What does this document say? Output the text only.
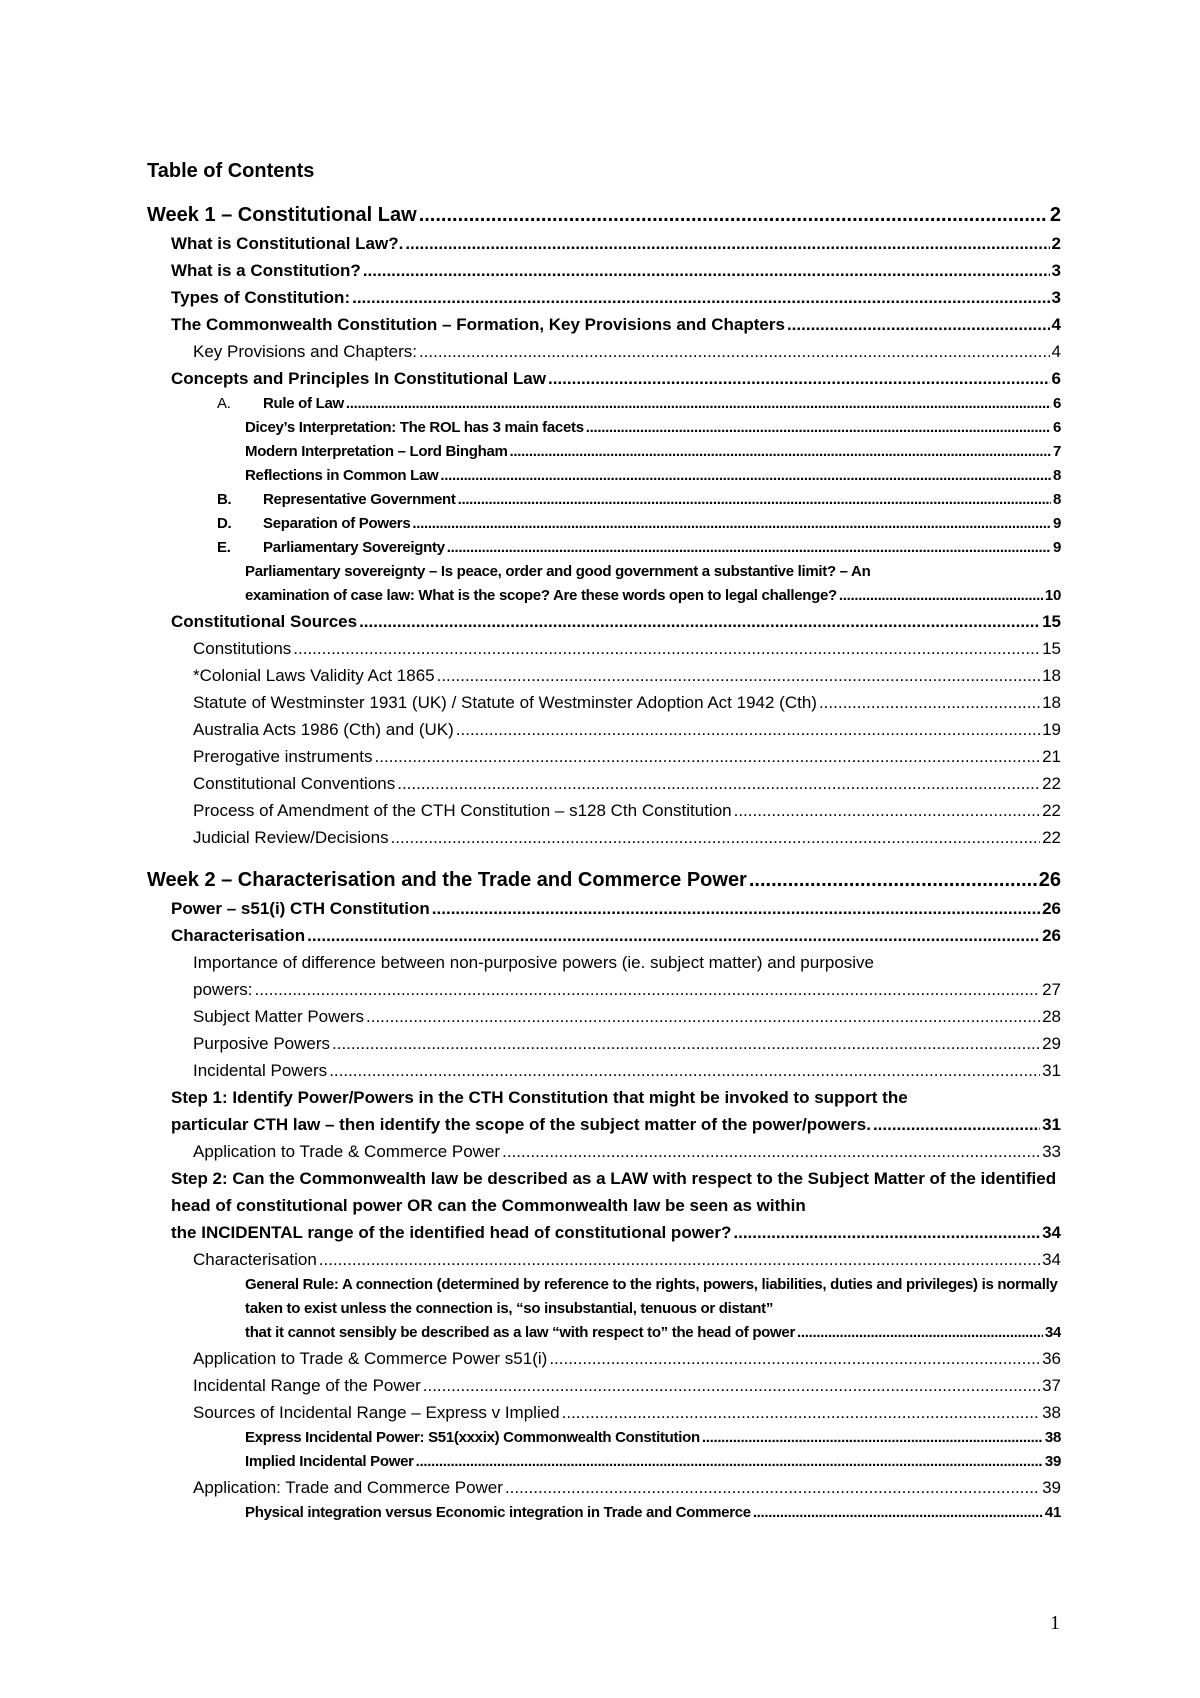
Table of Contents
Week 1 – Constitutional Law .....	2
What is Constitutional Law?. .....	2
What is a Constitution? .....	3
Types of Constitution: .....	3
The Commonwealth Constitution – Formation, Key Provisions and Chapters .....	4
Key Provisions and Chapters: .....	4
Concepts and Principles In Constitutional Law .....	6
A. Rule of Law .....	6
Dicey’s Interpretation: The ROL has 3 main facets .....	6
Modern Interpretation – Lord Bingham .....	7
Reflections in Common Law .....	8
B. Representative Government .....	8
D. Separation of Powers .....	9
E. Parliamentary Sovereignty .....	9
Parliamentary sovereignty – Is peace, order and good government a substantive limit? – An
examination of case law: What is the scope? Are these words open to legal challenge? .....	10
Constitutional Sources .....	15
Constitutions .....	15
*Colonial Laws Validity Act 1865 .....	18
Statute of Westminster 1931 (UK) / Statute of Westminster Adoption Act 1942 (Cth) .....	18
Australia Acts 1986 (Cth) and (UK) .....	19
Prerogative instruments .....	21
Constitutional Conventions .....	22
Process of Amendment of the CTH Constitution – s128 Cth Constitution .....	22
Judicial Review/Decisions .....	22
Week 2 – Characterisation and the Trade and Commerce Power .....	26
Power – s51(i) CTH Constitution .....	26
Characterisation .....	26
Importance of difference between non-purposive powers (ie. subject matter) and purposive
powers: .....	27
Subject Matter Powers .....	28
Purposive Powers .....	29
Incidental Powers .....	31
Step 1: Identify Power/Powers in the CTH Constitution that might be invoked to support the
particular CTH law – then identify the scope of the subject matter of the power/powers. .....	31
Application to Trade & Commerce Power .....	33
Step 2: Can the Commonwealth law be described as a LAW with respect to the Subject Matter of the identified head of constitutional power OR can the Commonwealth law be seen as within
the INCIDENTAL range of the identified head of constitutional power? .....	34
Characterisation .....	34
General Rule: A connection (determined by reference to the rights, powers, liabilities, duties and privileges) is normally taken to exist unless the connection is, “so insubstantial, tenuous or distant”
that it cannot sensibly be described as a law “with respect to” the head of power .....	34
Application to Trade & Commerce Power s51(i) .....	36
Incidental Range of the Power .....	37
Sources of Incidental Range – Express v Implied .....	38
Express Incidental Power: S51(xxxix) Commonwealth Constitution .....	38
Implied Incidental Power .....	39
Application: Trade and Commerce Power .....	39
Physical integration versus Economic integration in Trade and Commerce .....	41
1
